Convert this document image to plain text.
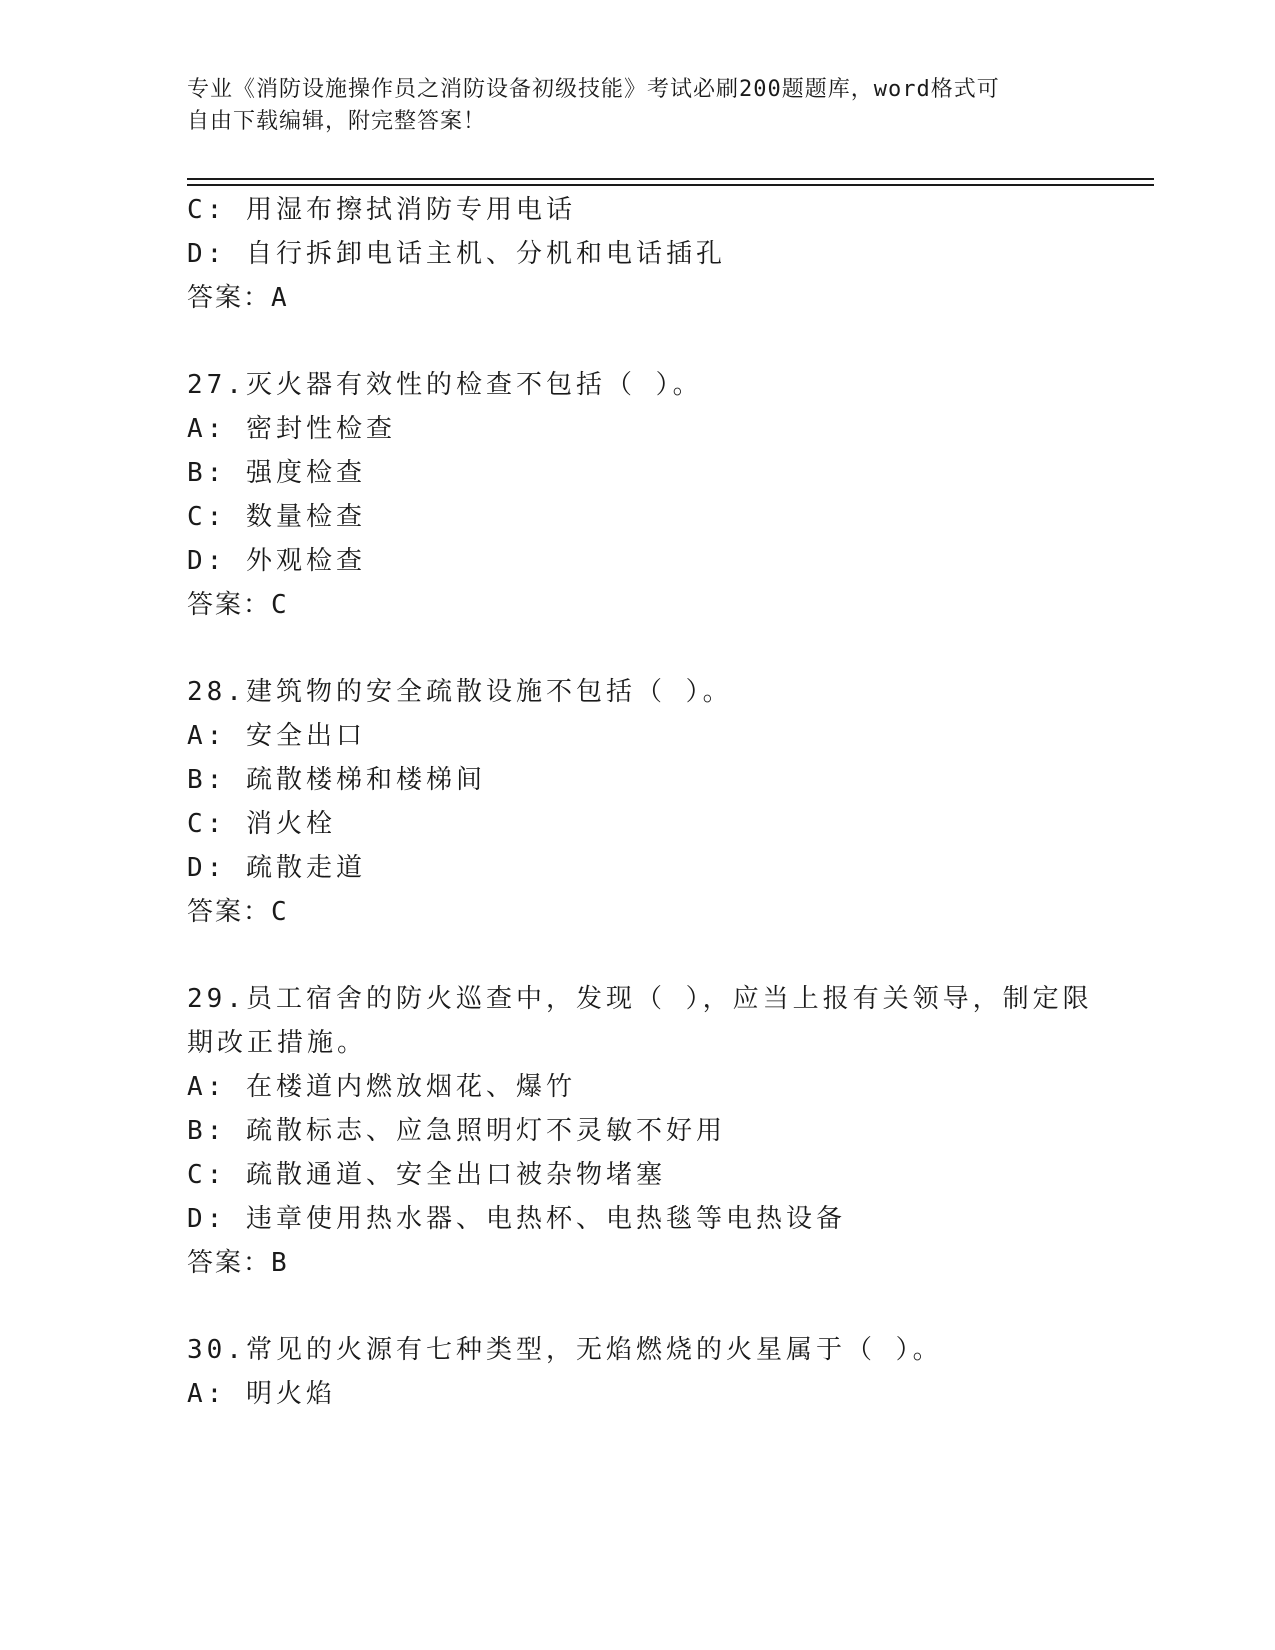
专业《消防设施操作员之消防设备初级技能》考试必刷200题题库，word格式可
自由下载编辑，附完整答案！
C: 用湿布擦拭消防专用电话
D: 自行拆卸电话主机、分机和电话插孔
答案：A
27.灭火器有效性的检查不包括（ ）。
A: 密封性检查
B: 强度检查
C: 数量检查
D: 外观检查
答案：C
28.建筑物的安全疏散设施不包括（ ）。
A: 安全出口
B: 疏散楼梯和楼梯间
C: 消火栓
D: 疏散走道
答案：C
29.员工宿舍的防火巡查中，发现（ ），应当上报有关领导，制定限
期改正措施。
A: 在楼道内燃放烟花、爆竹
B: 疏散标志、应急照明灯不灵敏不好用
C: 疏散通道、安全出口被杂物堵塞
D: 违章使用热水器、电热杯、电热毯等电热设备
答案：B
30.常见的火源有七种类型，无焰燃烧的火星属于（ ）。
A: 明火焰
